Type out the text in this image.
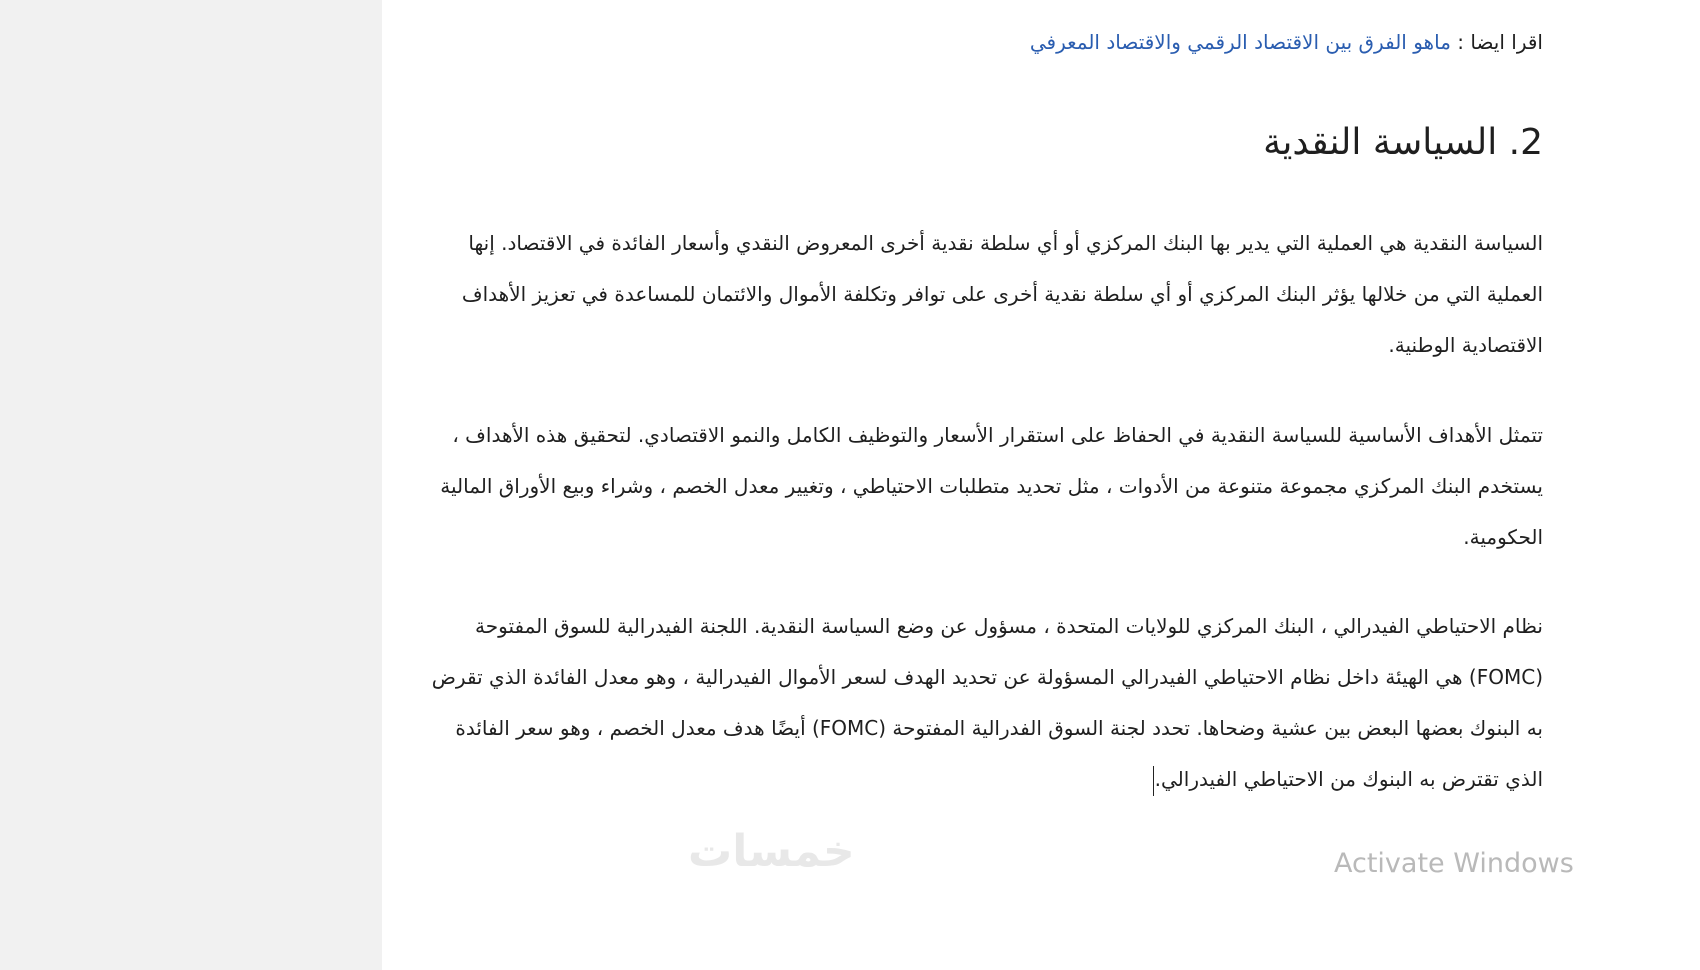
اقرا ايضا : ماهو الفرق بين الاقتصاد الرقمي والاقتصاد المعرفي
2. السياسة النقدية

السياسة النقدية هي العملية التي يدير بها البنك المركزي أو أي سلطة نقدية أخرى المعروض النقدي وأسعار الفائدة في الاقتصاد. إنها العملية التي من خلالها يؤثر البنك المركزي أو أي سلطة نقدية أخرى على توافر وتكلفة الأموال والائتمان للمساعدة في تعزيز الأهداف الاقتصادية الوطنية.

تتمثل الأهداف الأساسية للسياسة النقدية في الحفاظ على استقرار الأسعار والتوظيف الكامل والنمو الاقتصادي. لتحقيق هذه الأهداف ، يستخدم البنك المركزي مجموعة متنوعة من الأدوات ، مثل تحديد متطلبات الاحتياطي ، وتغيير معدل الخصم ، وشراء وبيع الأوراق المالية الحكومية.

نظام الاحتياطي الفيدرالي ، البنك المركزي للولايات المتحدة ، مسؤول عن وضع السياسة النقدية. اللجنة الفيدرالية للسوق المفتوحة (FOMC) هي الهيئة داخل نظام الاحتياطي الفيدرالي المسؤولة عن تحديد الهدف لسعر الأموال الفيدرالية ، وهو معدل الفائدة الذي تقرض به البنوك بعضها البعض بين عشية وضحاها. تحدد لجنة السوق الفدرالية المفتوحة (FOMC) أيضًا هدف معدل الخصم ، وهو سعر الفائدة الذي تقترض به البنوك من الاحتياطي الفيدرالي.

خمسات	Activate Windows
